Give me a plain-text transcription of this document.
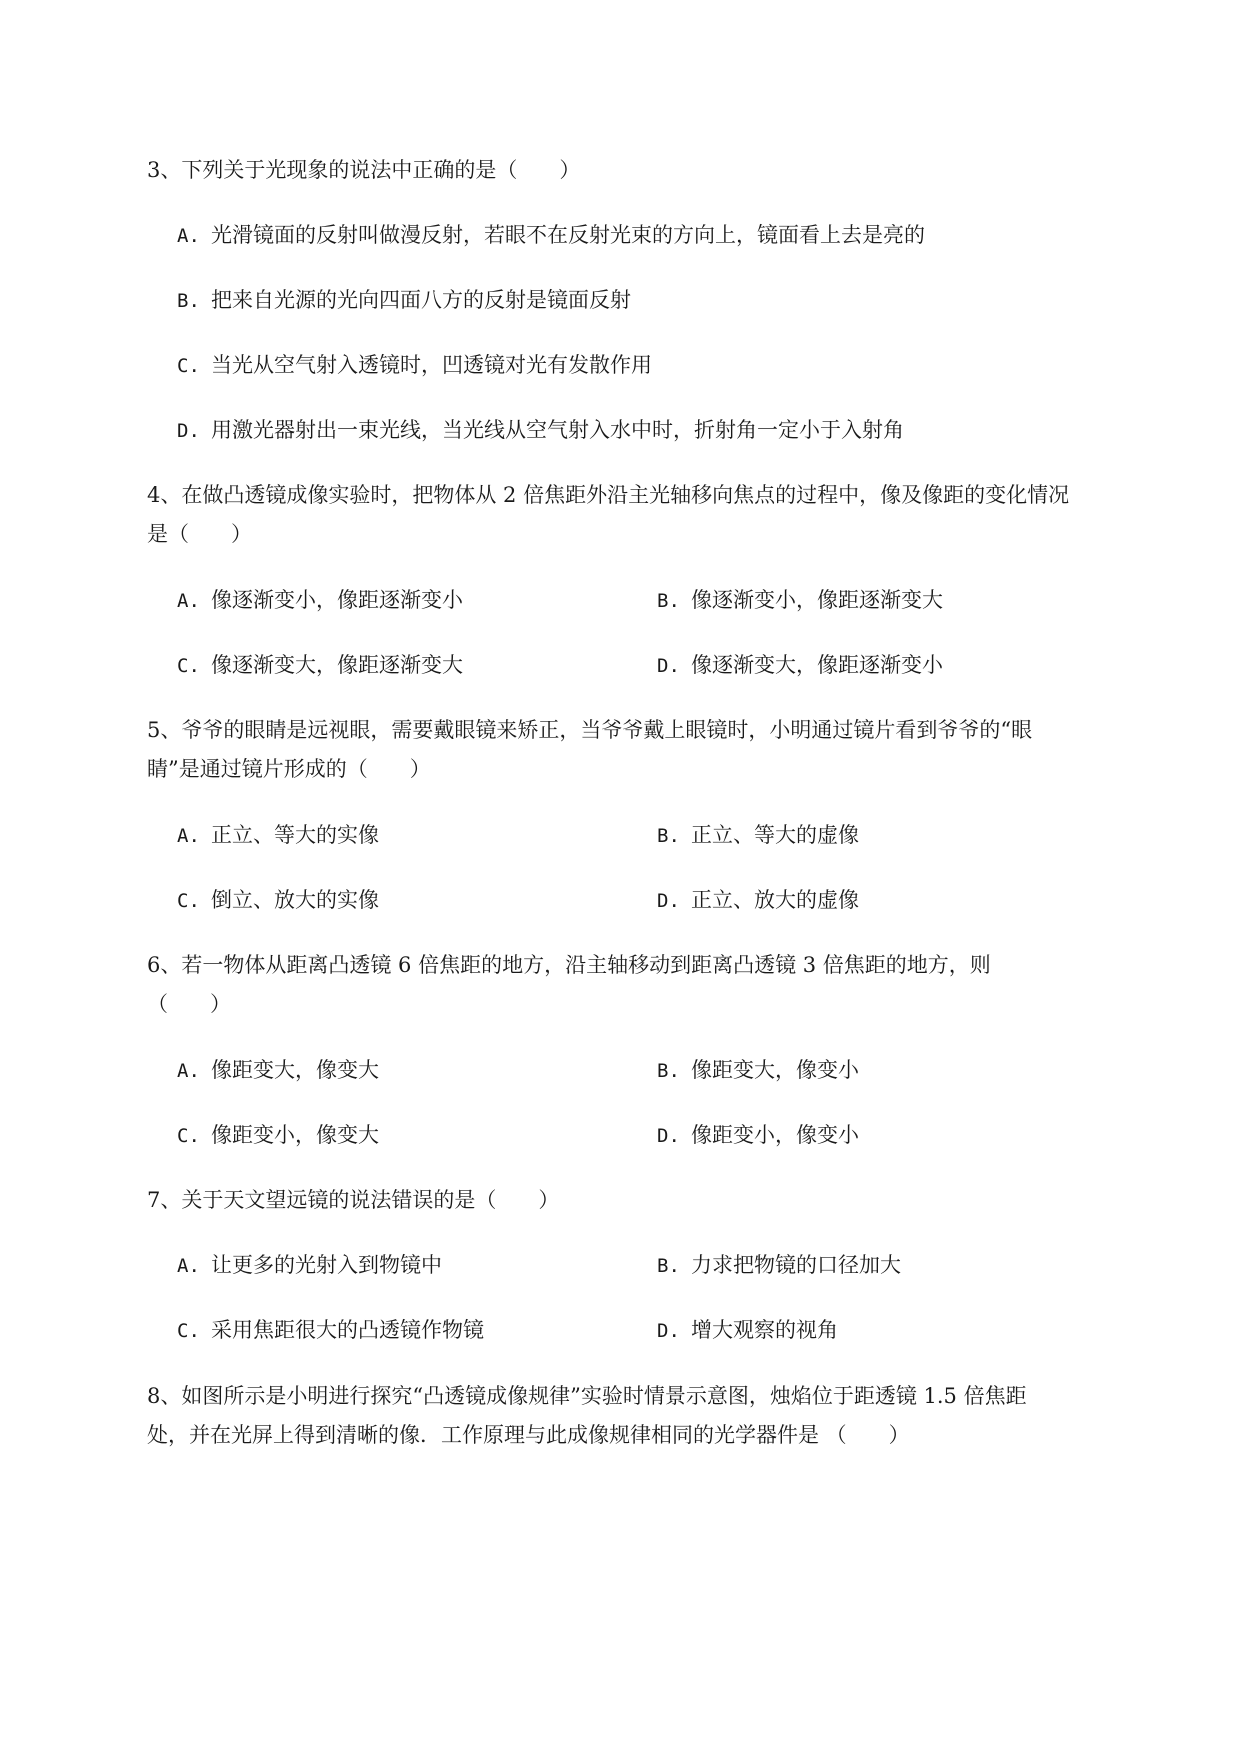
3、下列关于光现象的说法中正确的是（　　）
A. 光滑镜面的反射叫做漫反射，若眼不在反射光束的方向上，镜面看上去是亮的
B. 把来自光源的光向四面八方的反射是镜面反射
C. 当光从空气射入透镜时，凹透镜对光有发散作用
D. 用激光器射出一束光线，当光线从空气射入水中时，折射角一定小于入射角
4、在做凸透镜成像实验时，把物体从 2 倍焦距外沿主光轴移向焦点的过程中，像及像距的变化情况
是（　　）
A. 像逐渐变小，像距逐渐变小	B. 像逐渐变小，像距逐渐变大
C. 像逐渐变大，像距逐渐变大	D. 像逐渐变大，像距逐渐变小
5、爷爷的眼睛是远视眼，需要戴眼镜来矫正，当爷爷戴上眼镜时，小明通过镜片看到爷爷的“眼
睛”是通过镜片形成的（　　）
A. 正立、等大的实像	B. 正立、等大的虚像
C. 倒立、放大的实像	D. 正立、放大的虚像
6、若一物体从距离凸透镜 6 倍焦距的地方，沿主轴移动到距离凸透镜 3 倍焦距的地方，则
（　　）
A. 像距变大，像变大	B. 像距变大，像变小
C. 像距变小，像变大	D. 像距变小，像变小
7、关于天文望远镜的说法错误的是（　　）
A. 让更多的光射入到物镜中	B. 力求把物镜的口径加大
C. 采用焦距很大的凸透镜作物镜	D. 增大观察的视角
8、如图所示是小明进行探究“凸透镜成像规律”实验时情景示意图，烛焰位于距透镜 1.5 倍焦距
处，并在光屏上得到清晰的像．工作原理与此成像规律相同的光学器件是 （　　）
